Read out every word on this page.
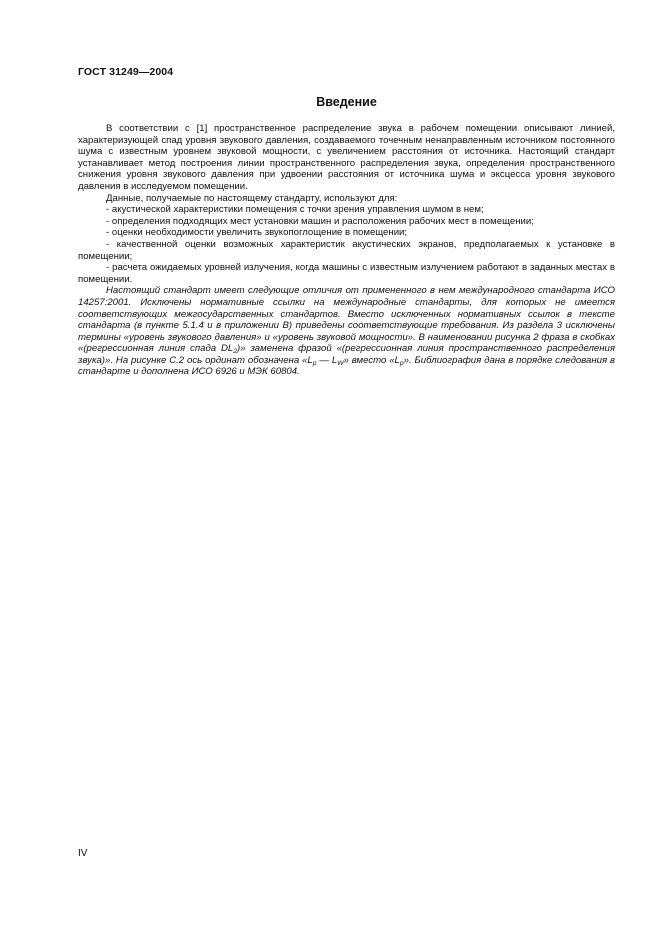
ГОСТ 31249—2004
Введение

В соответствии с [1] пространственное распределение звука в рабочем помещении описывают линией, характеризующей спад уровня звукового давления, создаваемого точечным ненаправленным источником постоянного шума с известным уровнем звуковой мощности, с увеличением расстояния от источника. Настоящий стандарт устанавливает метод построения линии пространственного распределения звука, определения пространственного снижения уровня звукового давления при удвоении расстояния от источника шума и эксцесса уровня звукового давления в исследуемом помещении.

Данные, получаемые по настоящему стандарту, используют для:

- акустической характеристики помещения с точки зрения управления шумом в нем;
- определения подходящих мест установки машин и расположения рабочих мест в помещении;
- оценки необходимости увеличить звукопоглощение в помещении;
- качественной оценки возможных характеристик акустических экранов, предполагаемых к установке в помещении;
- расчета ожидаемых уровней излучения, когда машины с известным излучением работают в заданных местах в помещении.

Настоящий стандарт имеет следующие отличия от примененного в нем международного стандарта ИСО 14257:2001. Исключены нормативные ссылки на международные стандарты, для которых не имеется соответствующих межгосударственных стандартов. Вместо исключенных нормативных ссылок в тексте стандарта (в пункте 5.1.4 и в приложении В) приведены соответствующие требования. Из раздела 3 исключены термины «уровень звукового давления» и «уровень звуковой мощности». В наименовании рисунка 2 фраза в скобках «(регрессионная линия спада $DL_2$)» заменена фразой «(регрессионная линия пространственного распределения звука)». На рисунке С.2 ось ординат обозначена «$L_p$ — $L_W$» вместо «$L_p$». Библиография дана в порядке следования в стандарте и дополнена ИСО 6926 и МЭК 60804.

IV
